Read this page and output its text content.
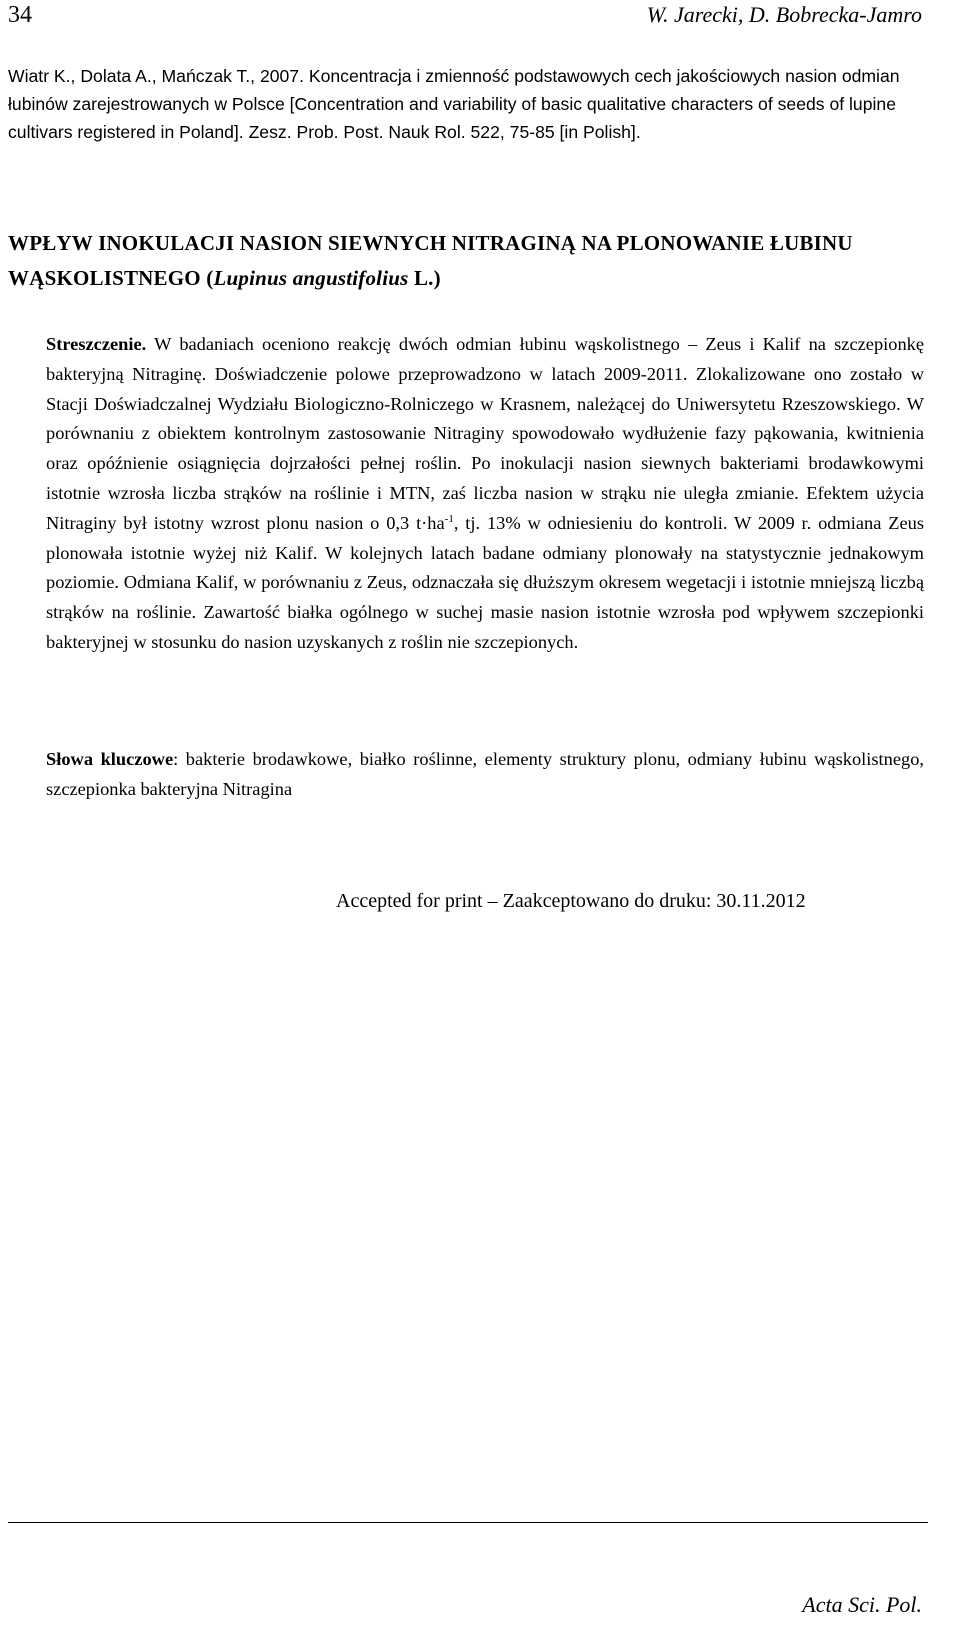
34	W. Jarecki, D. Bobrecka-Jamro

Wiatr K., Dolata A., Mańczak T., 2007. Koncentracja i zmienność podstawowych cech jakościowych nasion odmian łubinów zarejestrowanych w Polsce [Concentration and variability of basic qualitative characters of seeds of lupine cultivars registered in Poland]. Zesz. Prob. Post. Nauk Rol. 522, 75-85 [in Polish].

WPŁYW INOKULACJI NASION SIEWNYCH NITRAGINĄ NA PLONOWANIE ŁUBINU WĄSKOLISTNEGO (Lupinus angustifolius L.)

Streszczenie. W badaniach oceniono reakcję dwóch odmian łubinu wąskolistnego – Zeus i Kalif na szczepionkę bakteryjną Nitraginę. Doświadczenie polowe przeprowadzono w latach 2009-2011. Zlokalizowane ono zostało w Stacji Doświadczalnej Wydziału Biologiczno-Rolniczego w Krasnem, należącej do Uniwersytetu Rzeszowskiego. W porównaniu z obiektem kontrolnym zastosowanie Nitraginy spowodowało wydłużenie fazy pąkowania, kwitnienia oraz opóźnienie osiągnięcia dojrzałości pełnej roślin. Po inokulacji nasion siewnych bakteriami brodawkowymi istotnie wzrosła liczba strąków na roślinie i MTN, zaś liczba nasion w strąku nie uległa zmianie. Efektem użycia Nitraginy był istotny wzrost plonu nasion o 0,3 $t\cdot ha^{-1}$, tj. 13% w odniesieniu do kontroli. W 2009 r. odmiana Zeus plonowała istotnie wyżej niż Kalif. W kolejnych latach badane odmiany plonowały na statystycznie jednakowym poziomie. Odmiana Kalif, w porównaniu z Zeus, odznaczała się dłuższym okresem wegetacji i istotnie mniejszą liczbą strąków na roślinie. Zawartość białka ogólnego w suchej masie nasion istotnie wzrosła pod wpływem szczepionki bakteryjnej w stosunku do nasion uzyskanych z roślin nie szczepionych.

Słowa kluczowe: bakterie brodawkowe, białko roślinne, elementy struktury plonu, odmiany łubinu wąskolistnego, szczepionka bakteryjna Nitragina

Accepted for print – Zaakceptowano do druku: 30.11.2012
Acta Sci. Pol.
